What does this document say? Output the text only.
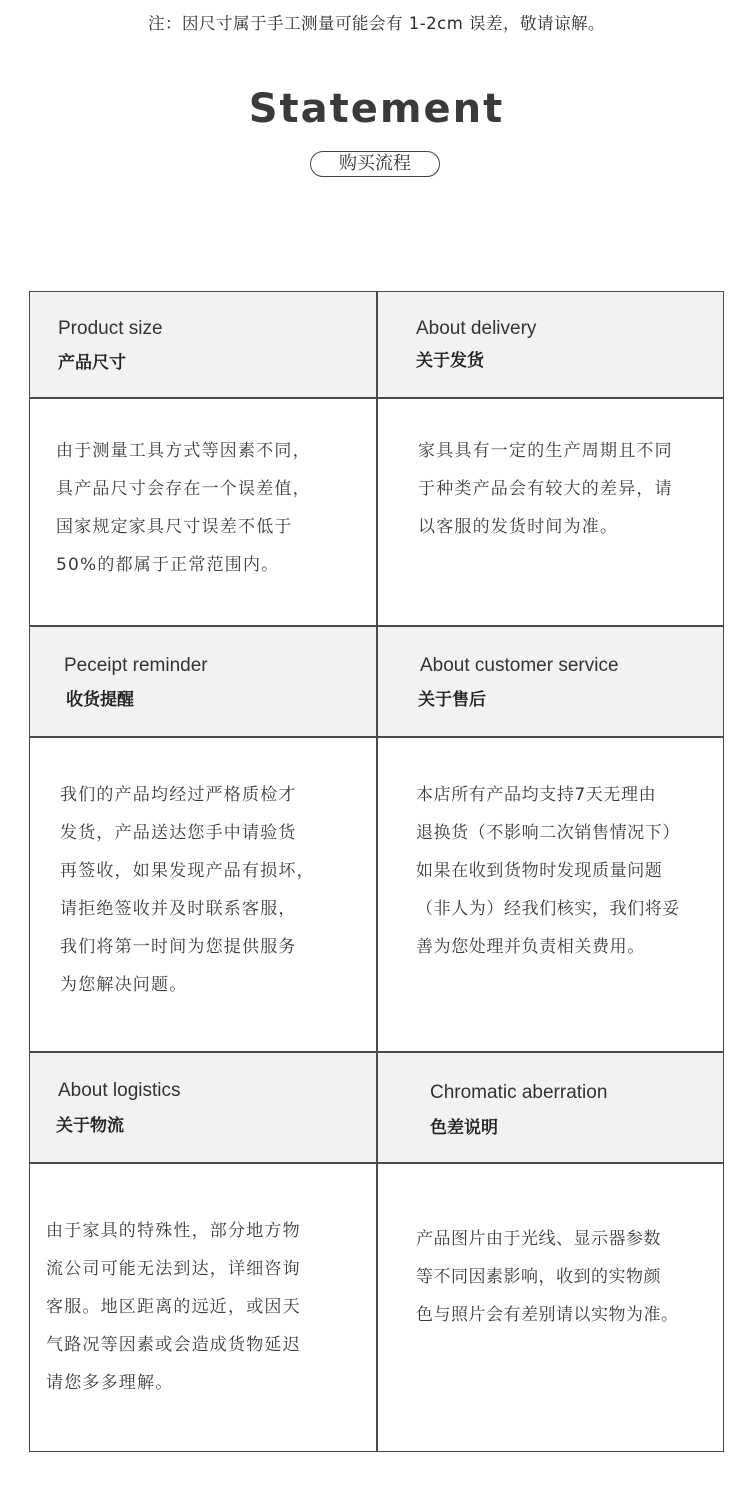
注：因尺寸属于手工测量可能会有 1-2cm 误差，敬请谅解。
Statement
购买流程
Product size
产品尺寸
由于测量工具方式等因素不同，
具产品尺寸会存在一个误差值，
国家规定家具尺寸误差不低于
50%的都属于正常范围内。
About delivery
关于发货
家具具有一定的生产周期且不同
于种类产品会有较大的差异，请
以客服的发货时间为准。
Peceipt reminder
收货提醒
我们的产品均经过严格质检才
发货，产品送达您手中请验货
再签收，如果发现产品有损坏，
请拒绝签收并及时联系客服，
我们将第一时间为您提供服务
为您解决问题。
About customer service
关于售后
本店所有产品均支持7天无理由
退换货（不影响二次销售情况下）
如果在收到货物时发现质量问题
（非人为）经我们核实，我们将妥
善为您处理并负责相关费用。
About logistics
关于物流
由于家具的特殊性，部分地方物
流公司可能无法到达，详细咨询
客服。地区距离的远近，或因天
气路况等因素或会造成货物延迟
请您多多理解。
Chromatic aberration
色差说明
产品图片由于光线、显示器参数
等不同因素影响，收到的实物颜
色与照片会有差别请以实物为准。
